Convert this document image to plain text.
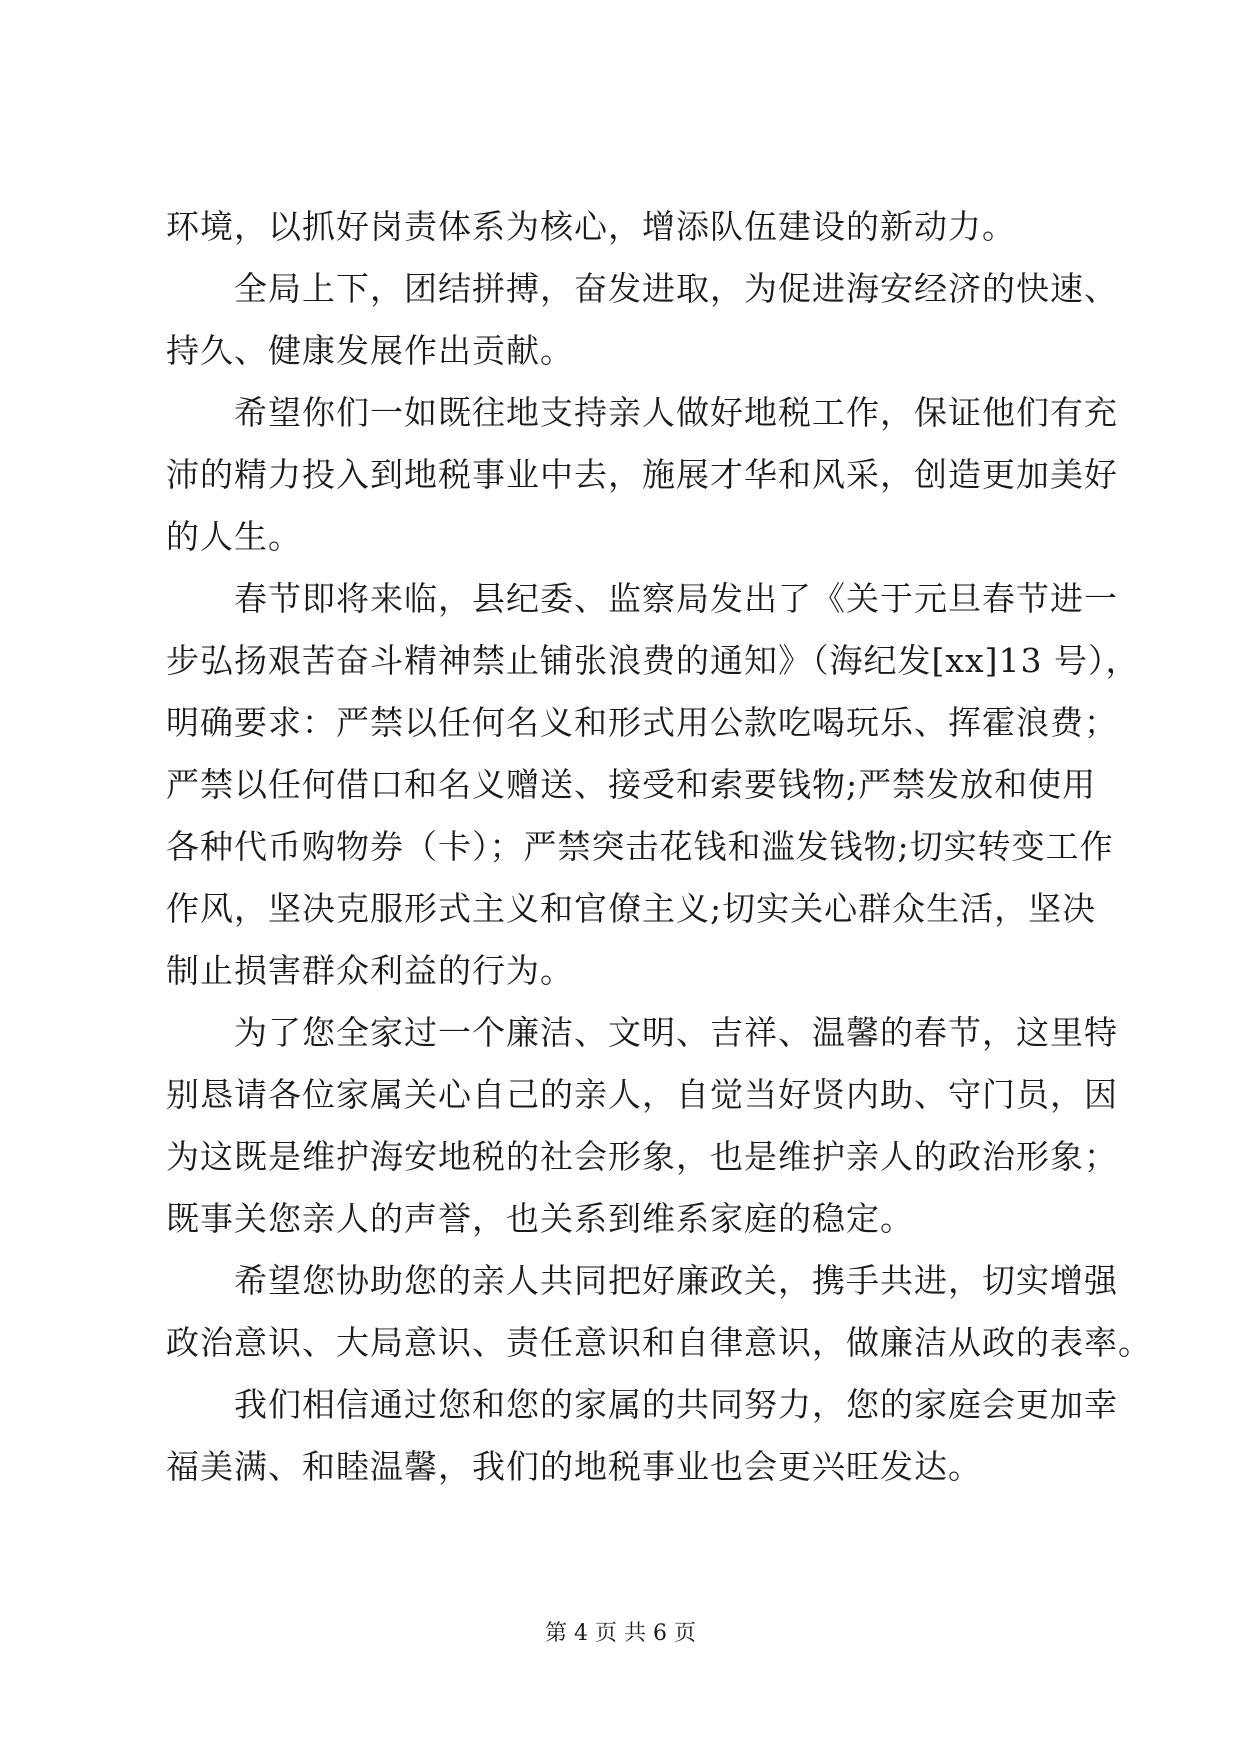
环境，以抓好岗责体系为核心，增添队伍建设的新动力。
全局上下，团结拼搏，奋发进取，为促进海安经济的快速、
持久、健康发展作出贡献。
希望你们一如既往地支持亲人做好地税工作，保证他们有充
沛的精力投入到地税事业中去，施展才华和风采，创造更加美好
的人生。
春节即将来临，县纪委、监察局发出了《关于元旦春节进一
步弘扬艰苦奋斗精神禁止铺张浪费的通知》（海纪发[xx]13 号），
明确要求：严禁以任何名义和形式用公款吃喝玩乐、挥霍浪费；
严禁以任何借口和名义赠送、接受和索要钱物;严禁发放和使用
各种代币购物券（卡）；严禁突击花钱和滥发钱物;切实转变工作
作风，坚决克服形式主义和官僚主义;切实关心群众生活，坚决
制止损害群众利益的行为。
为了您全家过一个廉洁、文明、吉祥、温馨的春节，这里特
别恳请各位家属关心自己的亲人，自觉当好贤内助、守门员，因
为这既是维护海安地税的社会形象，也是维护亲人的政治形象；
既事关您亲人的声誉，也关系到维系家庭的稳定。
希望您协助您的亲人共同把好廉政关，携手共进，切实增强
政治意识、大局意识、责任意识和自律意识，做廉洁从政的表率。
我们相信通过您和您的家属的共同努力，您的家庭会更加幸
福美满、和睦温馨，我们的地税事业也会更兴旺发达。
第 4 页 共 6 页
